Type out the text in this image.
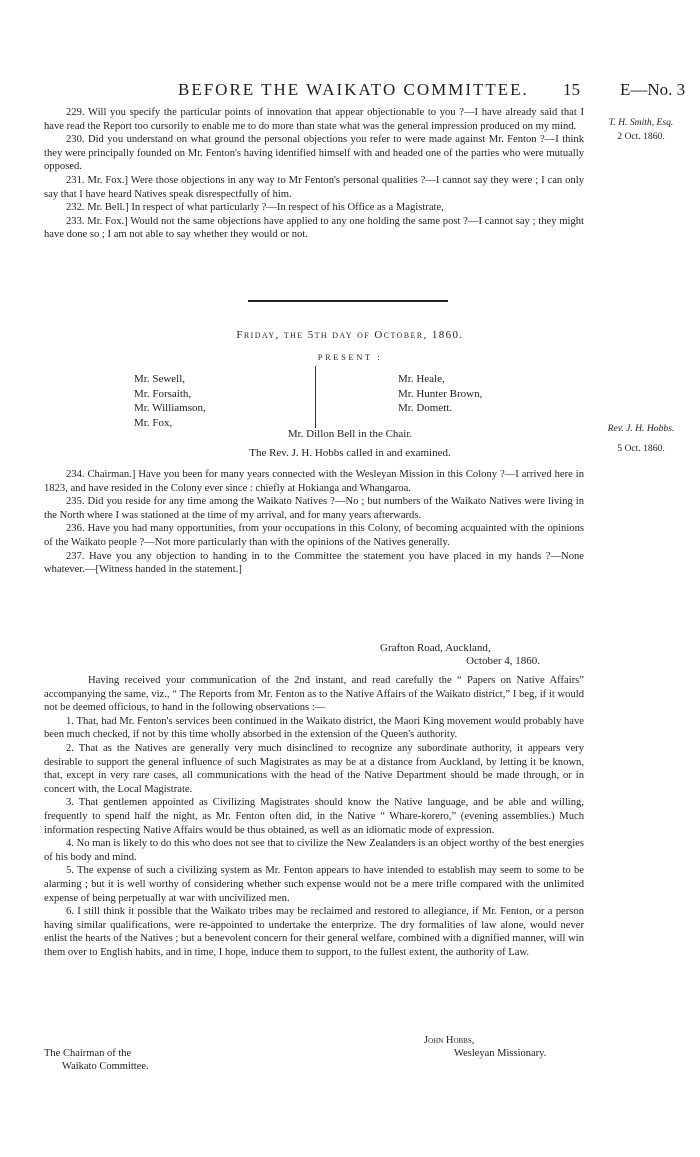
BEFORE THE WAIKATO COMMITTEE. 15 E—No. 3
T. H. Smith, Esq.
2 Oct. 1860.

229. Will you specify the particular points of innovation that appear objectionable to you ?—I have already said that I have read the Report too cursorily to enable me to do more than state what was the general impression produced on my mind.

230. Did you understand on what ground the personal objections you refer to were made against Mr. Fenton ?—I think they were principally founded on Mr. Fenton's having identified himself with and headed one of the parties who were mutually opposed.

231. Mr. Fox.] Were those objections in any way to Mr Fenton's personal qualities ?—I cannot say they were ; I can only say that I have heard Natives speak disrespectfully of him.

232. Mr. Bell.] In respect of what particularly ?—In respect of his Office as a Magistrate,

233. Mr. Fox.] Would not the same objections have applied to any one holding the same post ?—I cannot say ; they might have done so ; I am not able to say whether they would or not.

Friday, the 5th day of October, 1860.
PRESENT :
Mr. Sewell,
Mr. Forsaith,
Mr. Williamson,
Mr. Fox,
Mr. Heale,
Mr. Hunter Brown,
Mr. Domett.
Mr. Dillon Bell in the Chair.
The Rev. J. H. Hobbs called in and examined.
Rev. J. H. Hobbs.
5 Oct. 1860.

234. Chairman.] Have you been for many years connected with the Wesleyan Mission in this Colony ?—I arrived here in 1823, and have resided in the Colony ever since : chiefly at Hokianga and Whangaroa.

235. Did you reside for any time among the Waikato Natives ?—No ; but numbers of the Waikato Natives were living in the North where I was stationed at the time of my arrival, and for many years afterwards.

236. Have you had many opportunities, from your occupations in this Colony, of becoming acquainted with the opinions of the Waikato people ?—Not more particularly than with the opinions of the Natives generally.

237. Have you any objection to handing in to the Committee the statement you have placed in my hands ?—None whatever.—[Witness handed in the statement.]

Grafton Road, Auckland,
October 4, 1860.

Having received your communication of the 2nd instant, and read carefully the “ Papers on Native Affairs” accompanying the same, viz., “ The Reports from Mr. Fenton as to the Native Affairs of the Waikato district,” I beg, if it would not be deemed officious, to hand in the following observations :—

1. That, had Mr. Fenton's services been continued in the Waikato district, the Maori King movement would probably have been much checked, if not by this time wholly absorbed in the extension of the Queen's authority.

2. That as the Natives are generally very much disinclined to recognize any subordinate authority, it appears very desirable to support the general influence of such Magistrates as may be at a distance from Auckland, by letting it be known, that, except in very rare cases, all communications with the head of the Native Department should be made through, or in concert with, the Local Magistrate.

3. That gentlemen appointed as Civilizing Magistrates should know the Native language, and be able and willing, frequently to spend half the night, as Mr. Fenton often did, in the Native “ Whare-korero,” (evening assemblies.) Much information respecting Native Affairs would be thus obtained, as well as an idiomatic mode of expression.

4. No man is likely to do this who does not see that to civilize the New Zealanders is an object worthy of the best energies of his body and mind.

5. The expense of such a civilizing system as Mr. Fenton appears to have intended to establish may seem to some to be alarming ; but it is well worthy of considering whether such expense would not be a mere trifle compared with the unlimited expense of being perpetually at war with uncivilized men.

6. I still think it possible that the Waikato tribes may be reclaimed and restored to allegiance, if Mr. Fenton, or a person having similar qualifications, were re-appointed to undertake the enterprize. The dry formalities of law alone, would never enlist the hearts of the Natives ; but a benevolent concern for their general welfare, combined with a dignified manner, will win them over to English habits, and in time, I hope, induce them to support, to the fullest extent, the authority of Law.

John Hobbs,
Wesleyan Missionary.
The Chairman of the
Waikato Committee.
